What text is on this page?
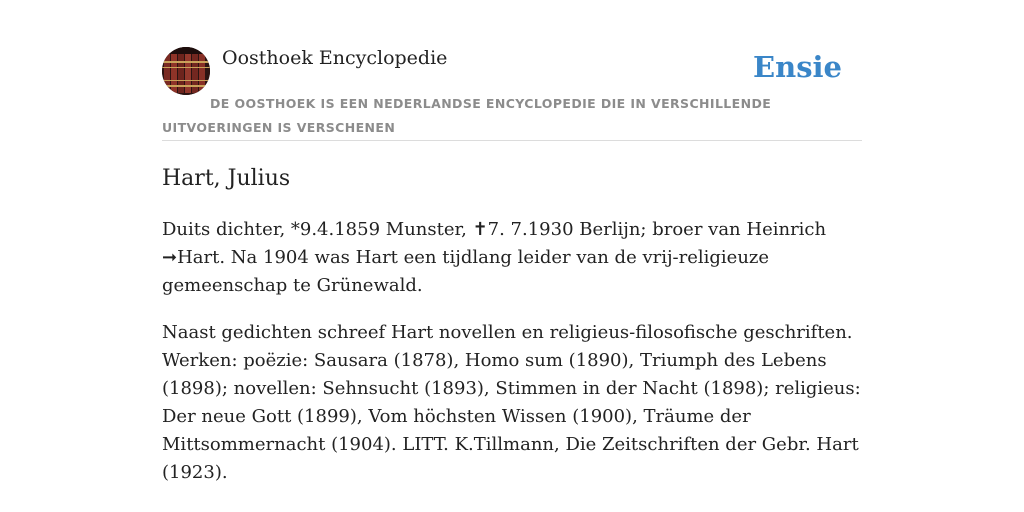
Oosthoek Encyclopedie	Ensie
DE OOSTHOEK IS EEN NEDERLANDSE ENCYCLOPEDIE DIE IN VERSCHILLENDE UITVOERINGEN IS VERSCHENEN
Hart, Julius

Duits dichter, *9.4.1859 Munster, ✝7. 7.1930 Berlijn; broer van Heinrich ➞Hart. Na 1904 was Hart een tijdlang leider van de vrij-religieuze gemeenschap te Grünewald.

Naast gedichten schreef Hart novellen en religieus-filosofische geschriften. Werken: poëzie: Sausara (1878), Homo sum (1890), Triumph des Lebens (1898); novellen: Sehnsucht (1893), Stimmen in der Nacht (1898); religieus: Der neue Gott (1899), Vom höchsten Wissen (1900), Träume der Mittsommernacht (1904). LITT. K.Tillmann, Die Zeitschriften der Gebr. Hart (1923).
